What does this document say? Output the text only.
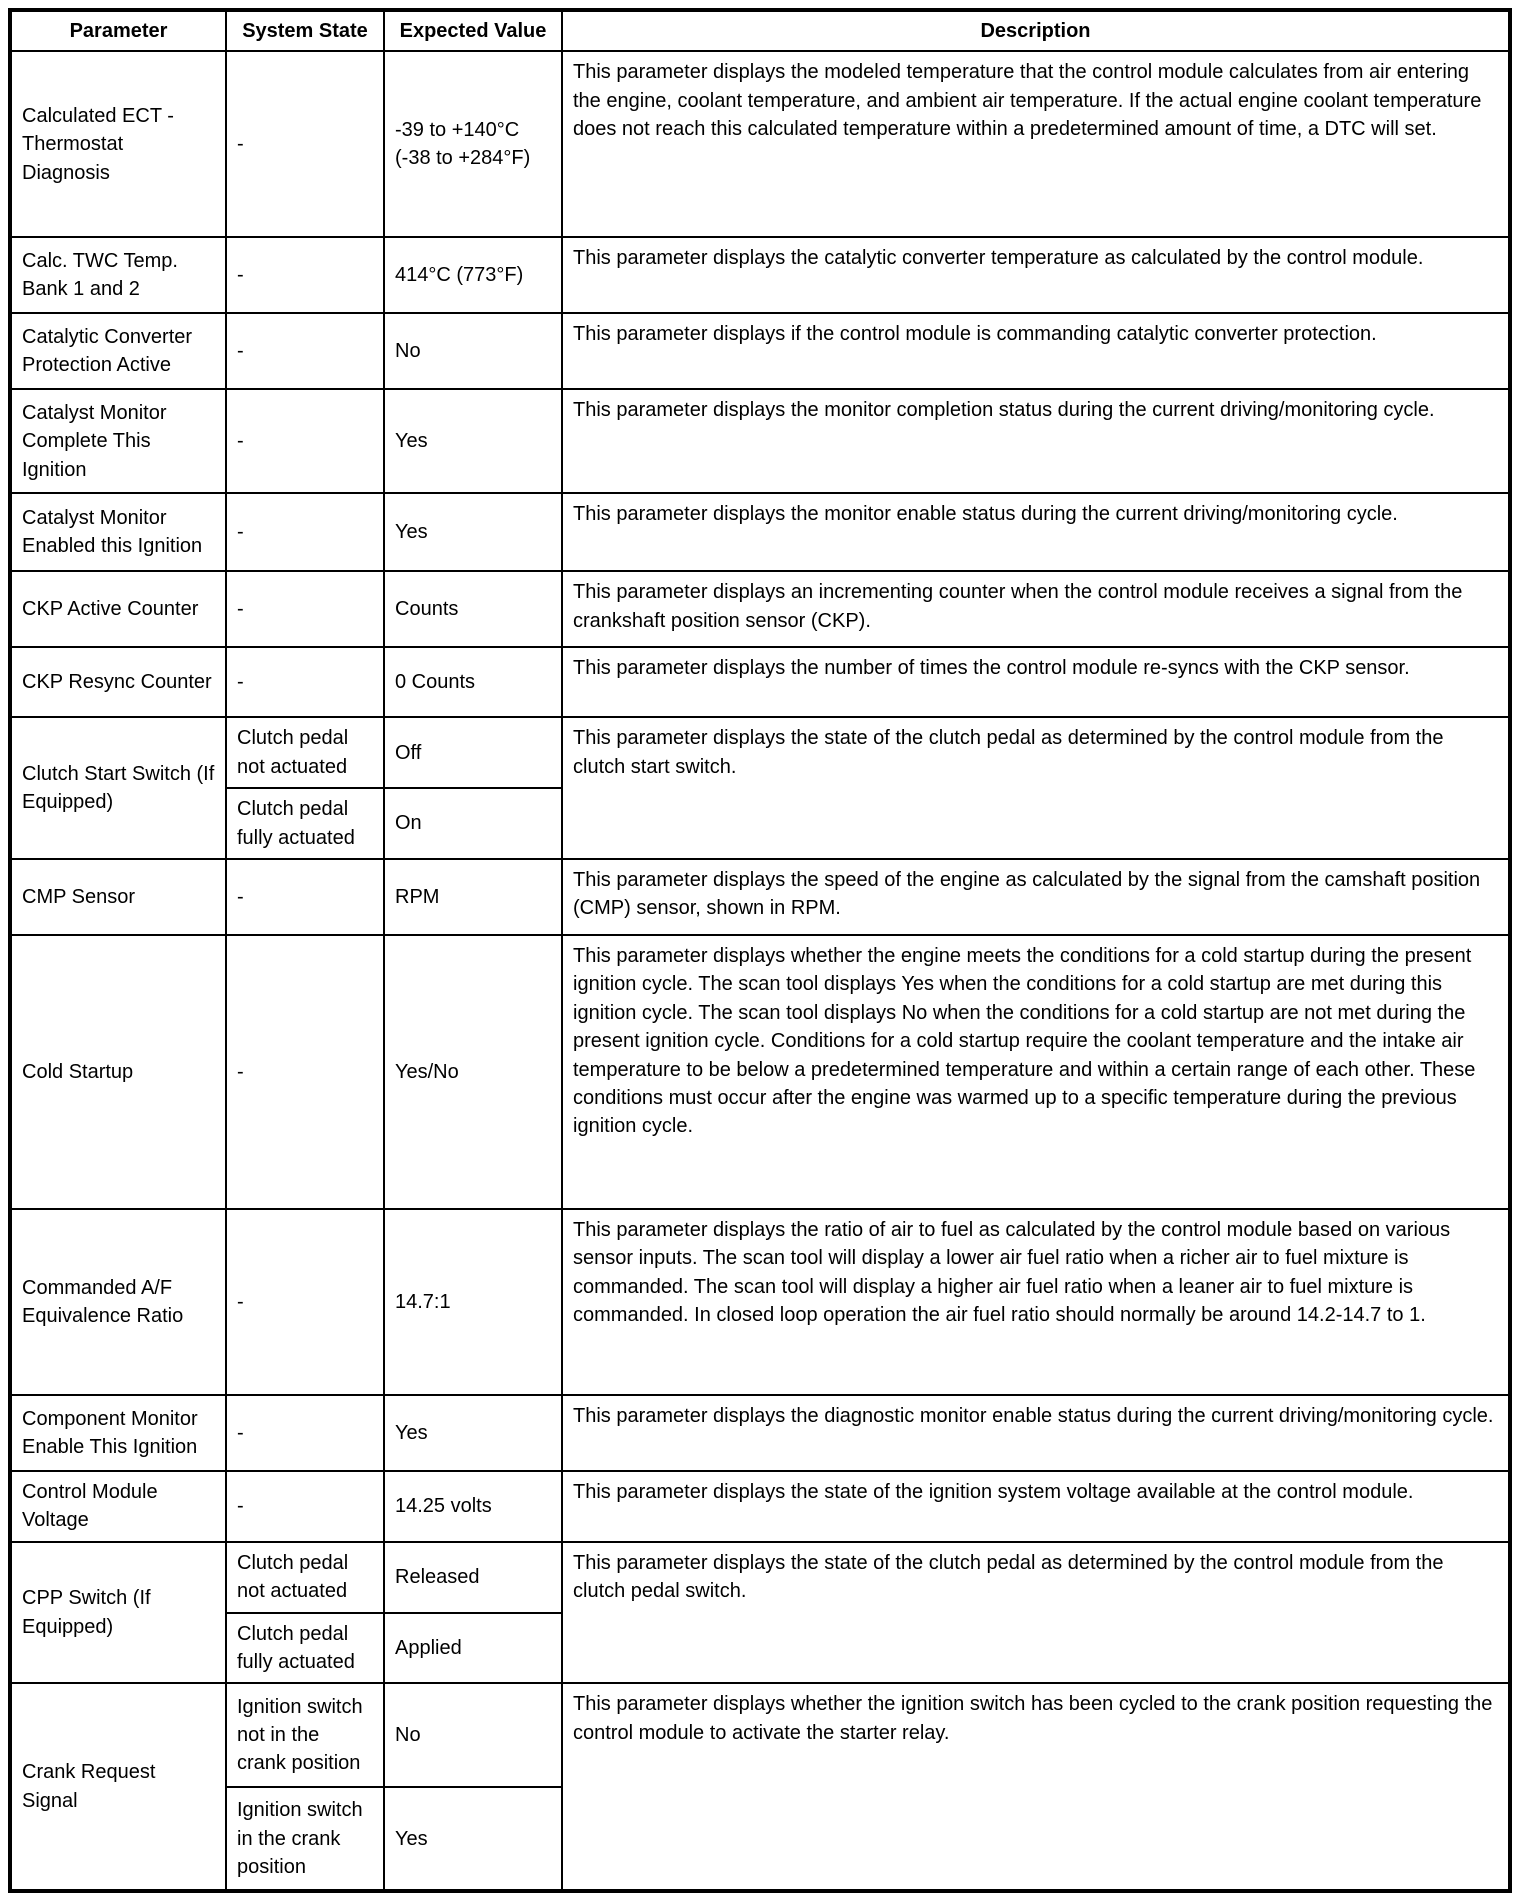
Parameter	System State	Expected Value	Description
Calculated ECT - Thermostat Diagnosis	-	-39 to +140°C (-38 to +284°F)	This parameter displays the modeled temperature that the control module calculates from air entering the engine, coolant temperature, and ambient air temperature. If the actual engine coolant temperature does not reach this calculated temperature within a predetermined amount of time, a DTC will set.
Calc. TWC Temp. Bank 1 and 2	-	414°C (773°F)	This parameter displays the catalytic converter temperature as calculated by the control module.
Catalytic Converter Protection Active	-	No	This parameter displays if the control module is commanding catalytic converter protection.
Catalyst Monitor Complete This Ignition	-	Yes	This parameter displays the monitor completion status during the current driving/monitoring cycle.
Catalyst Monitor Enabled this Ignition	-	Yes	This parameter displays the monitor enable status during the current driving/monitoring cycle.
CKP Active Counter	-	Counts	This parameter displays an incrementing counter when the control module receives a signal from the crankshaft position sensor (CKP).
CKP Resync Counter	-	0 Counts	This parameter displays the number of times the control module re-syncs with the CKP sensor.
Clutch Start Switch (If Equipped)	Clutch pedal not actuated	Off	This parameter displays the state of the clutch pedal as determined by the control module from the clutch start switch.
	Clutch pedal fully actuated	On	
CMP Sensor	-	RPM	This parameter displays the speed of the engine as calculated by the signal from the camshaft position (CMP) sensor, shown in RPM.
Cold Startup	-	Yes/No	This parameter displays whether the engine meets the conditions for a cold startup during the present ignition cycle. The scan tool displays Yes when the conditions for a cold startup are met during this ignition cycle. The scan tool displays No when the conditions for a cold startup are not met during the present ignition cycle. Conditions for a cold startup require the coolant temperature and the intake air temperature to be below a predetermined temperature and within a certain range of each other. These conditions must occur after the engine was warmed up to a specific temperature during the previous ignition cycle.
Commanded A/F Equivalence Ratio	-	14.7:1	This parameter displays the ratio of air to fuel as calculated by the control module based on various sensor inputs. The scan tool will display a lower air fuel ratio when a richer air to fuel mixture is commanded. The scan tool will display a higher air fuel ratio when a leaner air to fuel mixture is commanded. In closed loop operation the air fuel ratio should normally be around 14.2-14.7 to 1.
Component Monitor Enable This Ignition	-	Yes	This parameter displays the diagnostic monitor enable status during the current driving/monitoring cycle.
Control Module Voltage	-	14.25 volts	This parameter displays the state of the ignition system voltage available at the control module.
CPP Switch (If Equipped)	Clutch pedal not actuated	Released	This parameter displays the state of the clutch pedal as determined by the control module from the clutch pedal switch.
	Clutch pedal fully actuated	Applied	
Crank Request Signal	Ignition switch not in the crank position	No	This parameter displays whether the ignition switch has been cycled to the crank position requesting the control module to activate the starter relay.
	Ignition switch in the crank position	Yes	
